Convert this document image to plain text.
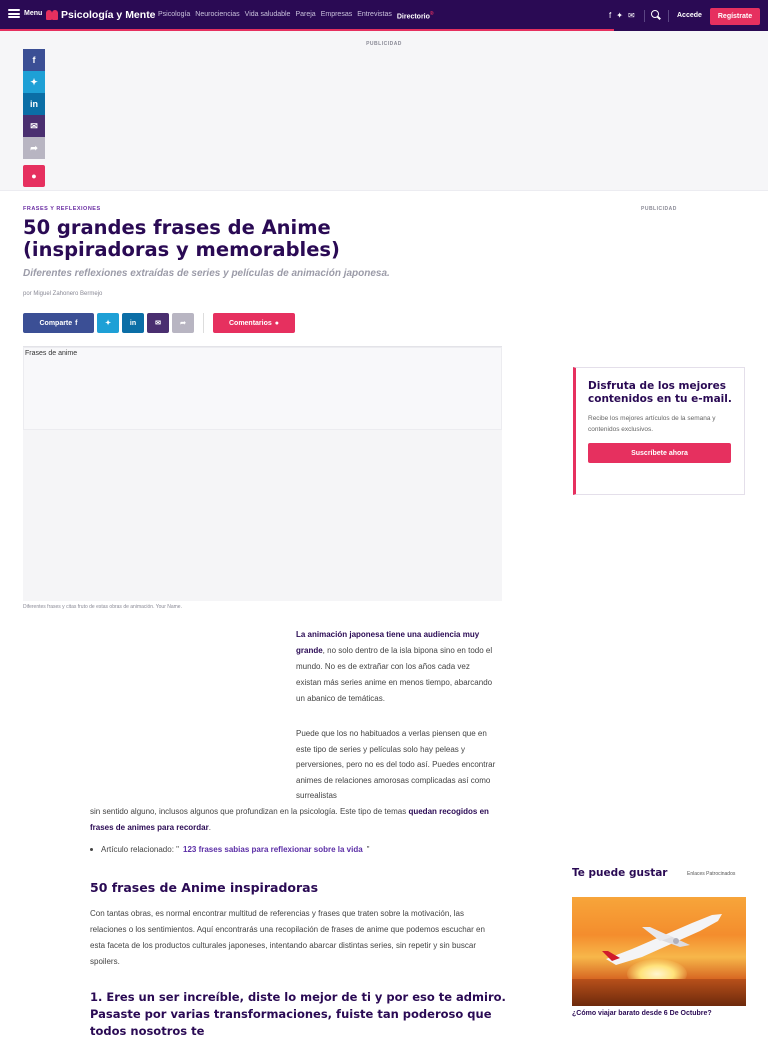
Menu Psicología y Mente Psicología Neurociencias Vida saludable Pareja Empresas Entrevistas Directorio®	f ✦ ✉	Accede	Regístrate
PUBLICIDAD
f
✦
in
✉
➦
●
FRASES Y REFLEXIONES	PUBLICIDAD
50 grandes frases de Anime (inspiradoras y memorables)
Diferentes reflexiones extraídas de series y películas de animación japonesa.
por Miguel Zahonero Bermejo
Comparte f	✦	in	✉	➦	Comentarios ●
Frases de anime
Diferentes frases y citas fruto de estas obras de animación. Your Name.

La animación japonesa tiene una audiencia muy grande, no solo dentro de la isla bipona sino en todo el mundo. No es de extrañar con los años cada vez existan más series anime en menos tiempo, abarcando un abanico de temáticas.

Puede que los no habituados a verlas piensen que en este tipo de series y películas solo hay peleas y perversiones, pero no es del todo así. Puedes encontrar animes de relaciones amorosas complicadas así como surrealistas

sin sentido alguno, inclusos algunos que profundizan en la psicología. Este tipo de temas quedan recogidos en frases de animes para recordar.

Artículo relacionado: " 123 frases sabias para reflexionar sobre la vida "
50 frases de Anime inspiradoras

Con tantas obras, es normal encontrar multitud de referencias y frases que traten sobre la motivación, las relaciones o los sentimientos. Aquí encontrarás una recopilación de frases de anime que podemos escuchar en esta faceta de los productos culturales japoneses, intentando abarcar distintas series, sin repetir y sin buscar spoilers.

1. Eres un ser increíble, diste lo mejor de ti y por eso te admiro. Pasaste por varias transformaciones, fuiste tan poderoso que todos nosotros te
Disfruta de los mejores contenidos en tu e-mail.
Recibe los mejores artículos de la semana y contenidos exclusivos.
Suscríbete ahora
Te puede gustar	Enlaces Patrocinados
¿Cómo viajar barato desde 6 De Octubre?
